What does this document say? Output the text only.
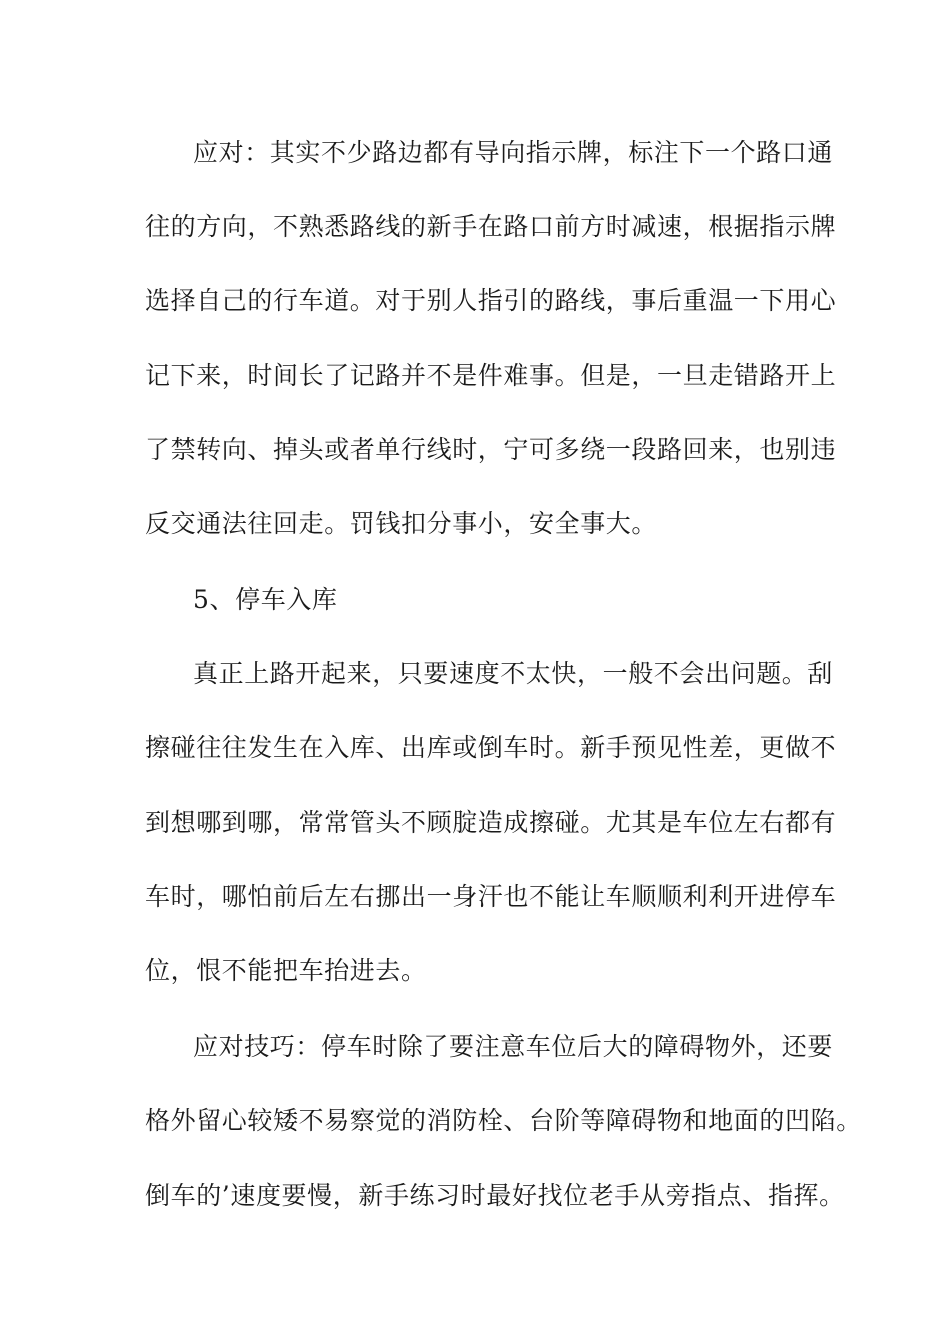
应对：其实不少路边都有导向指示牌，标注下一个路口通

往的方向，不熟悉路线的新手在路口前方时减速，根据指示牌

选择自己的行车道。对于别人指引的路线，事后重温一下用心

记下来，时间长了记路并不是件难事。但是，一旦走错路开上

了禁转向、掉头或者单行线时，宁可多绕一段路回来，也别违

反交通法往回走。罚钱扣分事小，安全事大。

5、停车入库

真正上路开起来，只要速度不太快，一般不会出问题。刮

擦碰往往发生在入库、出库或倒车时。新手预见性差，更做不

到想哪到哪，常常管头不顾腚造成擦碰。尤其是车位左右都有

车时，哪怕前后左右挪出一身汗也不能让车顺顺利利开进停车

位，恨不能把车抬进去。

应对技巧：停车时除了要注意车位后大的障碍物外，还要

格外留心较矮不易察觉的消防栓、台阶等障碍物和地面的凹陷。

倒车的’速度要慢，新手练习时最好找位老手从旁指点、指挥。
